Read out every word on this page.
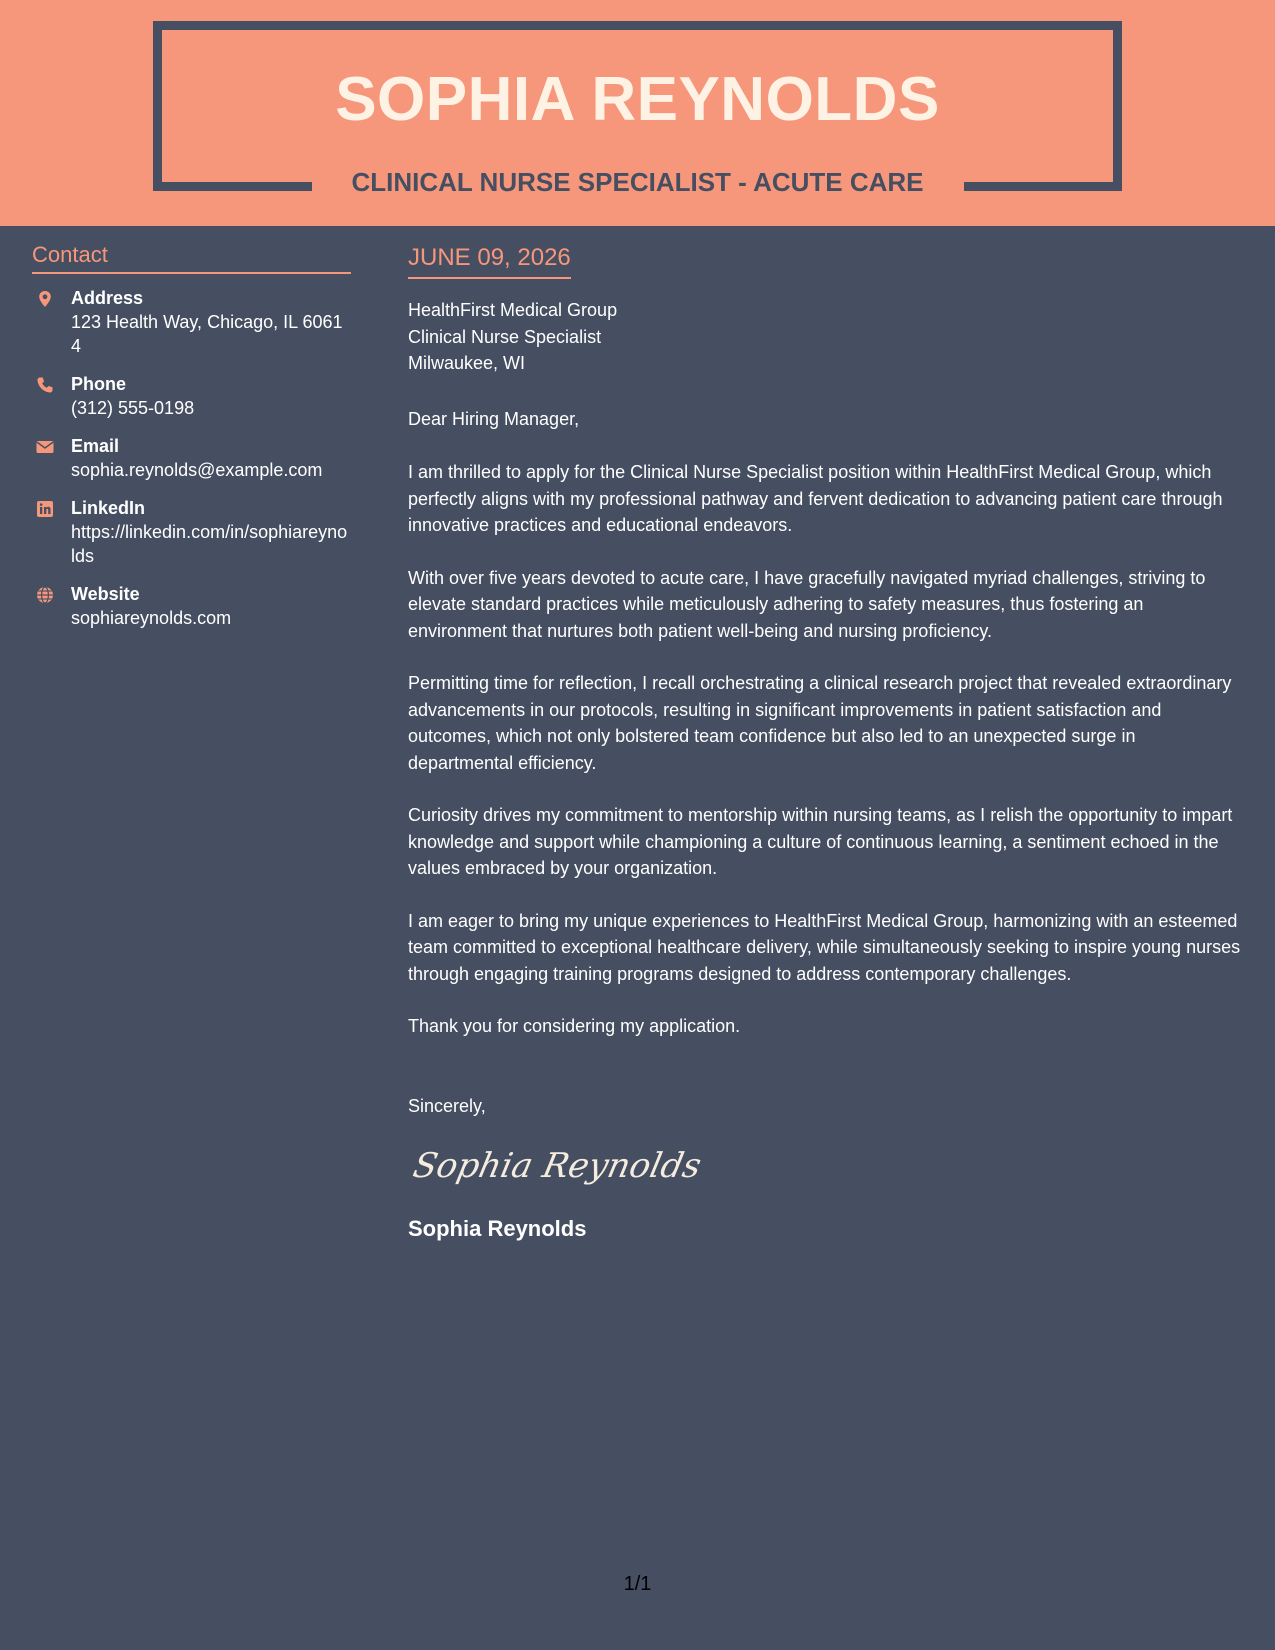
SOPHIA REYNOLDS
CLINICAL NURSE SPECIALIST - ACUTE CARE
Contact
Address
123 Health Way, Chicago, IL 60614
Phone
(312) 555-0198
Email
sophia.reynolds@example.com
LinkedIn
https://linkedin.com/in/sophiareynolds
Website
sophiareynolds.com
JUNE 09, 2026
HealthFirst Medical Group
Clinical Nurse Specialist
Milwaukee, WI

Dear Hiring Manager,

I am thrilled to apply for the Clinical Nurse Specialist position within HealthFirst Medical Group, which perfectly aligns with my professional pathway and fervent dedication to advancing patient care through innovative practices and educational endeavors.

With over five years devoted to acute care, I have gracefully navigated myriad challenges, striving to elevate standard practices while meticulously adhering to safety measures, thus fostering an environment that nurtures both patient well-being and nursing proficiency.

Permitting time for reflection, I recall orchestrating a clinical research project that revealed extraordinary advancements in our protocols, resulting in significant improvements in patient satisfaction and outcomes, which not only bolstered team confidence but also led to an unexpected surge in departmental efficiency.

Curiosity drives my commitment to mentorship within nursing teams, as I relish the opportunity to impart knowledge and support while championing a culture of continuous learning, a sentiment echoed in the values embraced by your organization.

I am eager to bring my unique experiences to HealthFirst Medical Group, harmonizing with an esteemed team committed to exceptional healthcare delivery, while simultaneously seeking to inspire young nurses through engaging training programs designed to address contemporary challenges.

Thank you for considering my application.

Sincerely,

Sophia Reynolds
Sophia Reynolds
1/1
